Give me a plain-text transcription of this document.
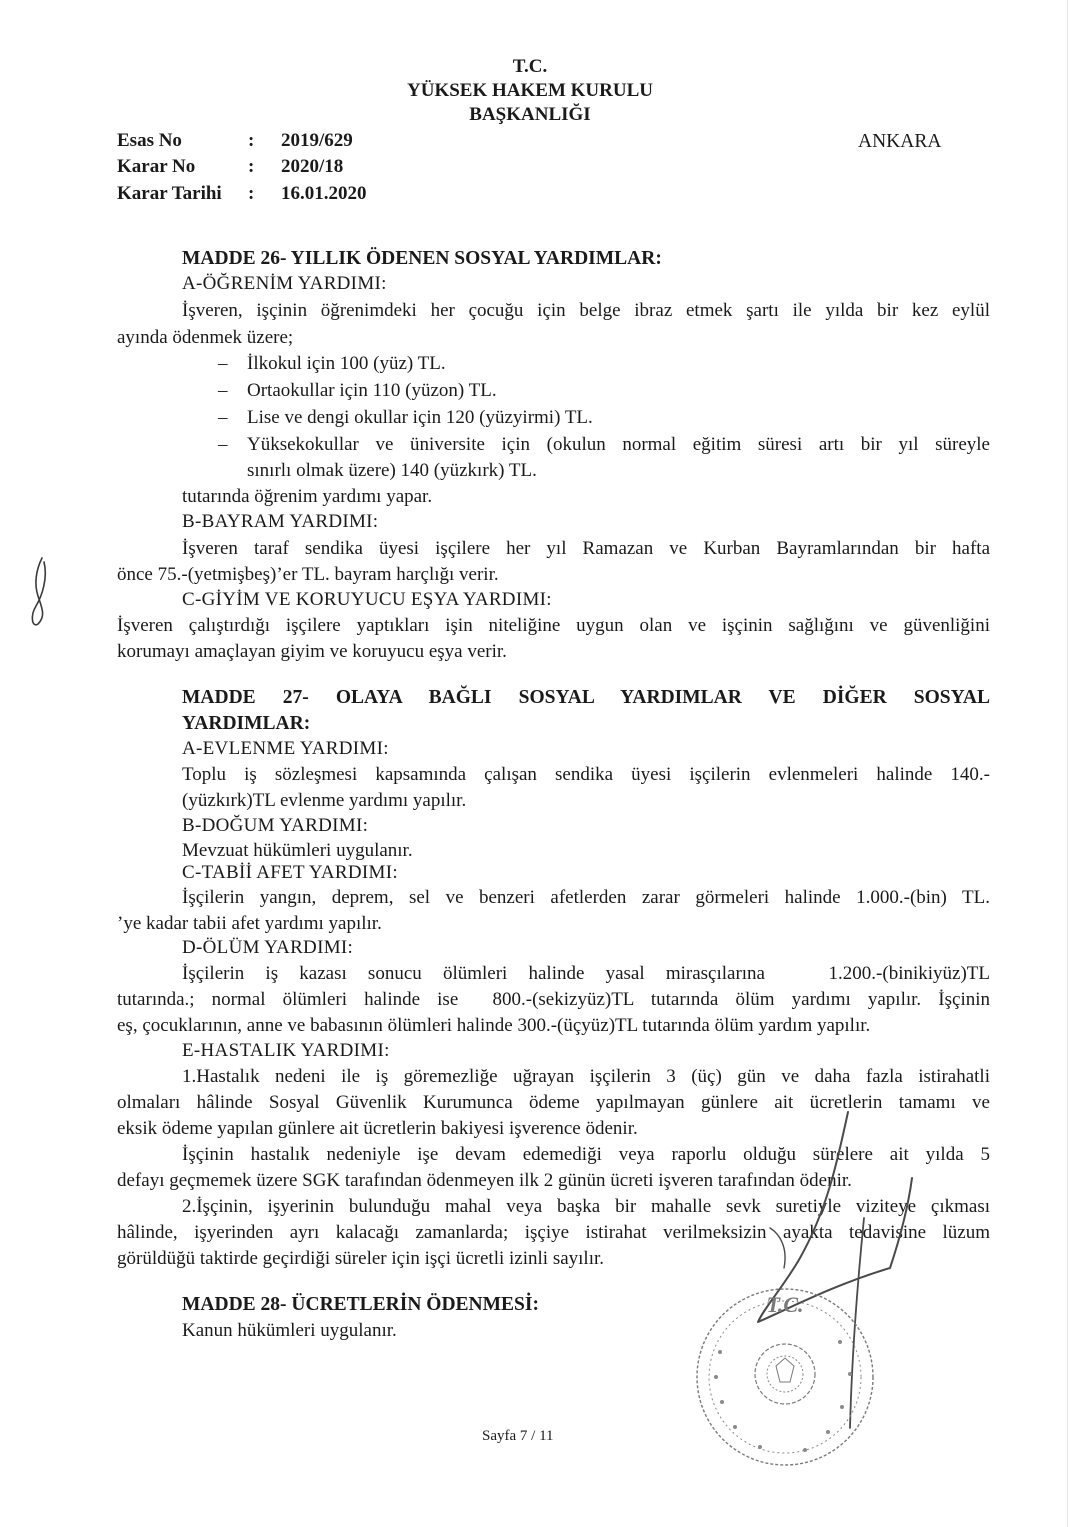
T.C.
YÜKSEK HAKEM KURULU
BAŞKANLIĞI
Esas No	: 2019/629
Karar No	: 2020/18
Karar Tarihi : 16.01.2020
ANKARA
MADDE 26- YILLIK ÖDENEN SOSYAL YARDIMLAR:
A-ÖĞRENİM YARDIMI:
İşveren, işçinin öğrenimdeki her çocuğu için belge ibraz etmek şartı ile yılda bir kez eylül
ayında ödenmek üzere;
– İlkokul için 100 (yüz) TL.
– Ortaokullar için 110 (yüzon) TL.
– Lise ve dengi okullar için 120 (yüzyirmi) TL.
– Yüksekokullar ve üniversite için (okulun normal eğitim süresi artı bir yıl süreyle
sınırlı olmak üzere) 140 (yüzkırk) TL.
tutarında öğrenim yardımı yapar.
B-BAYRAM YARDIMI:
İşveren taraf sendika üyesi işçilere her yıl Ramazan ve Kurban Bayramlarından bir hafta
önce 75.-(yetmişbeş)’er TL. bayram harçlığı verir.
C-GİYİM VE KORUYUCU EŞYA YARDIMI:
İşveren çalıştırdığı işçilere yaptıkları işin niteliğine uygun olan ve işçinin sağlığını ve güvenliğini
korumayı amaçlayan giyim ve koruyucu eşya verir.
MADDE 27- OLAYA BAĞLI SOSYAL YARDIMLAR VE DİĞER SOSYAL
YARDIMLAR:
A-EVLENME YARDIMI:
Toplu iş sözleşmesi kapsamında çalışan sendika üyesi işçilerin evlenmeleri halinde 140.-
(yüzkırk)TL evlenme yardımı yapılır.
B-DOĞUM YARDIMI:
Mevzuat hükümleri uygulanır.
C-TABİİ AFET YARDIMI:
İşçilerin yangın, deprem, sel ve benzeri afetlerden zarar görmeleri halinde 1.000.-(bin) TL.
’ye kadar tabii afet yardımı yapılır.
D-ÖLÜM YARDIMI:
İşçilerin iş kazası sonucu ölümleri halinde yasal mirasçılarına   1.200.-(binikiyüz)TL
tutarında.; normal ölümleri halinde ise  800.-(sekizyüz)TL tutarında ölüm yardımı yapılır. İşçinin
eş, çocuklarının, anne ve babasının ölümleri halinde 300.-(üçyüz)TL tutarında ölüm yardım yapılır.
E-HASTALIK YARDIMI:
1.Hastalık nedeni ile iş göremezliğe uğrayan işçilerin 3 (üç) gün ve daha fazla istirahatli
olmaları hâlinde Sosyal Güvenlik Kurumunca ödeme yapılmayan günlere ait ücretlerin tamamı ve
eksik ödeme yapılan günlere ait ücretlerin bakiyesi işverence ödenir.
İşçinin hastalık nedeniyle işe devam edemediği veya raporlu olduğu sürelere ait yılda 5
defayı geçmemek üzere SGK tarafından ödenmeyen ilk 2 günün ücreti işveren tarafından ödenir.
2.İşçinin, işyerinin bulunduğu mahal veya başka bir mahalle sevk suretiyle viziteye çıkması
hâlinde, işyerinden ayrı kalacağı zamanlarda; işçiye istirahat verilmeksizin ayakta tedavisine lüzum
görüldüğü taktirde geçirdiği süreler için işçi ücretli izinli sayılır.
MADDE 28- ÜCRETLERİN ÖDENMESİ:
Kanun hükümleri uygulanır.
T.C.
Sayfa 7 / 11
